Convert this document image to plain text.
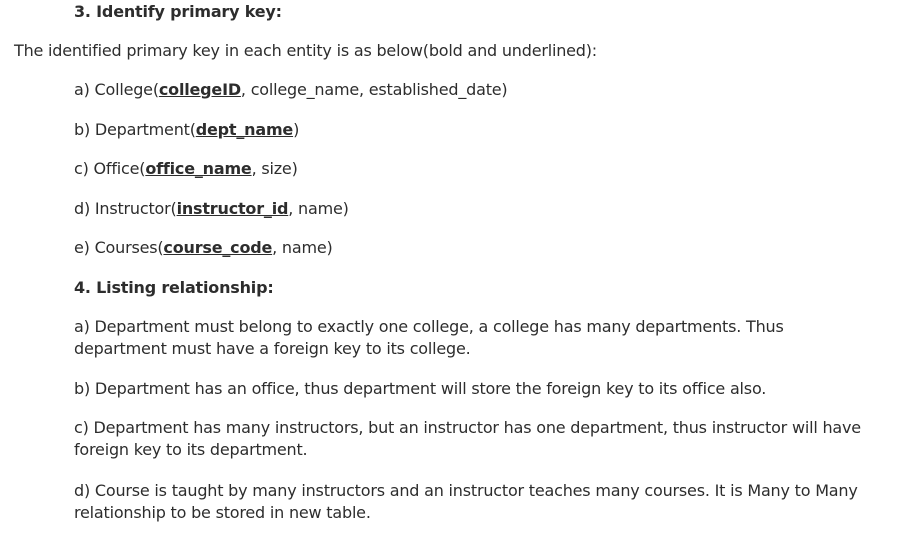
3. Identify primary key:
The identified primary key in each entity is as below(bold and underlined):
a) College(collegeID, college_name, established_date)
b) Department(dept_name)
c) Office(office_name, size)
d) Instructor(instructor_id, name)
e) Courses(course_code, name)
4. Listing relationship:
a) Department must belong to exactly one college, a college has many departments. Thus department must have a foreign key to its college.
b) Department has an office, thus department will store the foreign key to its office also.
c) Department has many instructors, but an instructor has one department, thus instructor will have foreign key to its department.
d) Course is taught by many instructors and an instructor teaches many courses. It is Many to Many relationship to be stored in new table.
